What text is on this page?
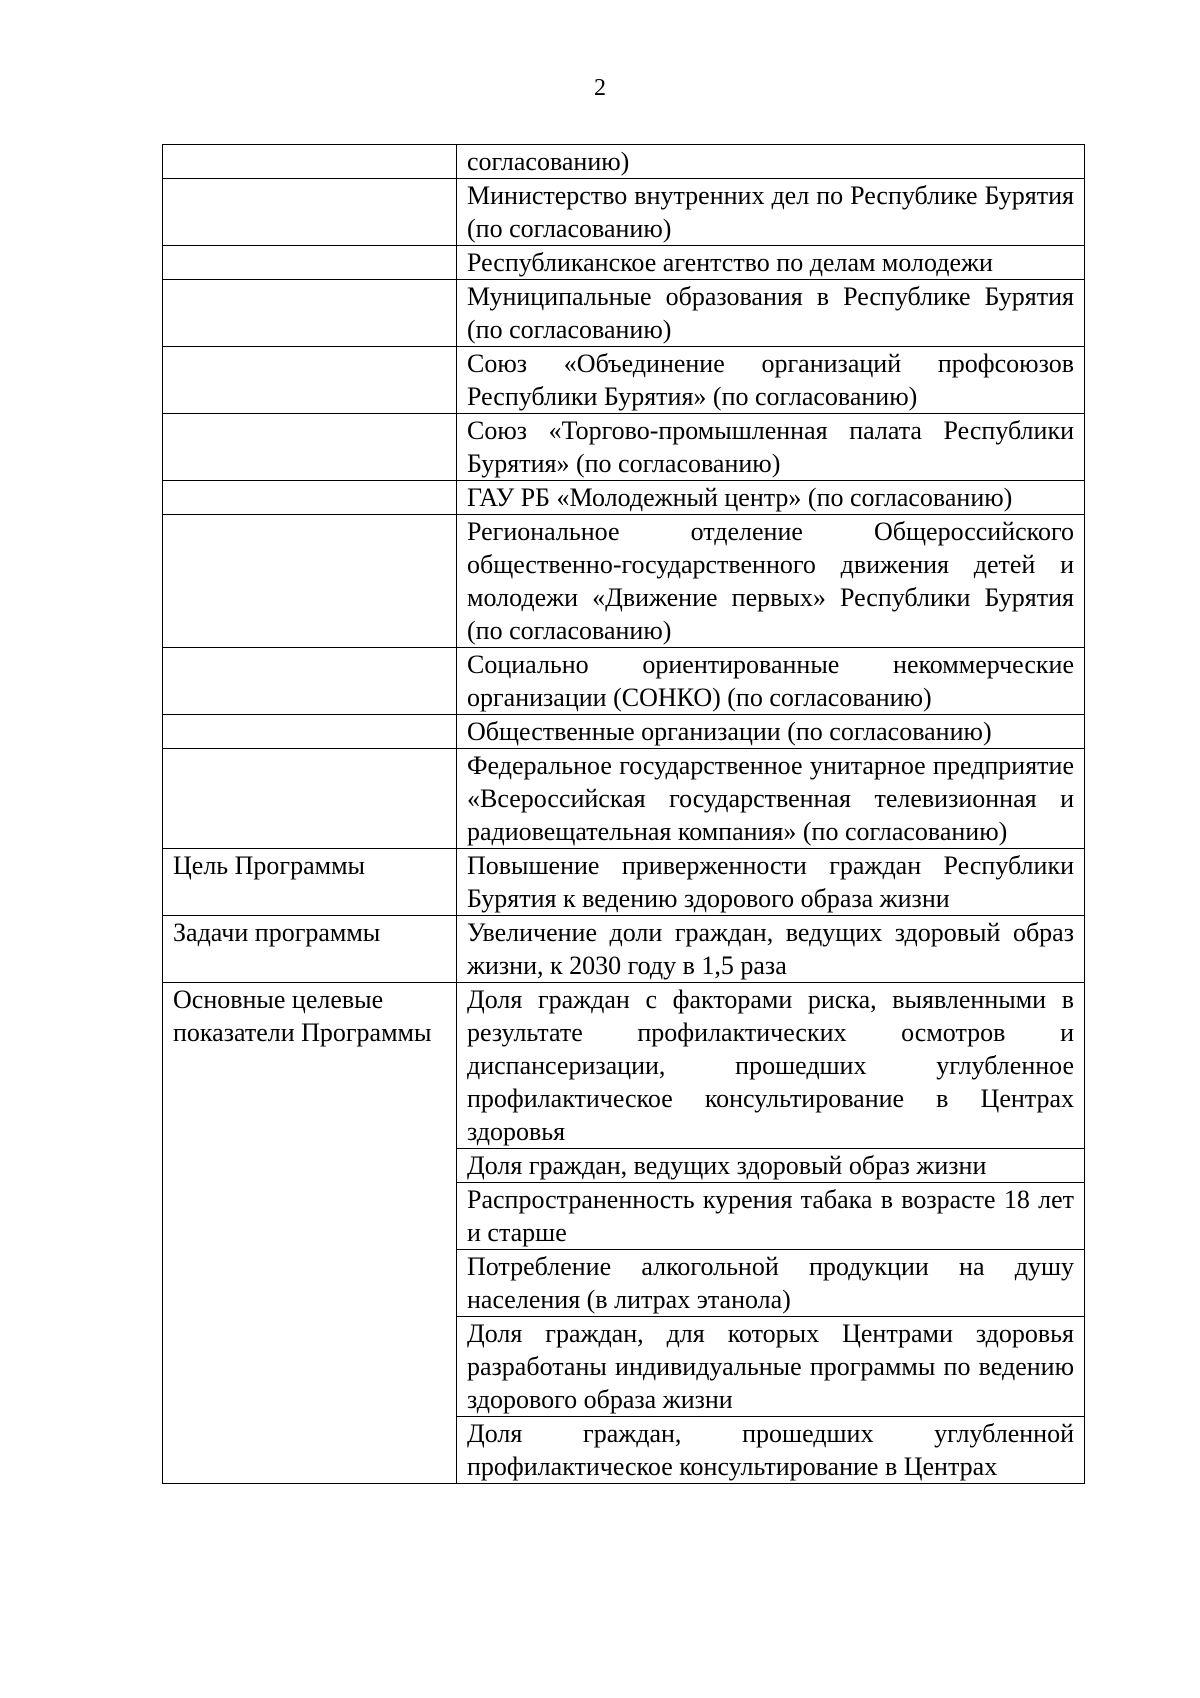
2
	согласованию)
	Министерство внутренних дел по Республике Бурятия (по согласованию)
	Республиканское агентство по делам молодежи
	Муниципальные образования в Республике Бурятия (по согласованию)
	Союз «Объединение организаций профсоюзов Республики Бурятия» (по согласованию)
	Союз «Торгово-промышленная палата Республики Бурятия» (по согласованию)
	ГАУ РБ «Молодежный центр» (по согласованию)
	Региональное отделение Общероссийского общественно-государственного движения детей и молодежи «Движение первых» Республики Бурятия (по согласованию)
	Социально ориентированные некоммерческие организации (СОНКО) (по согласованию)
	Общественные организации (по согласованию)
	Федеральное государственное унитарное предприятие «Всероссийская государственная телевизионная и радиовещательная компания» (по согласованию)
Цель Программы	Повышение приверженности граждан Республики Бурятия к ведению здорового образа жизни
Задачи программы	Увеличение доли граждан, ведущих здоровый образ жизни, к 2030 году в 1,5 раза
Основные целевые показатели Программы	Доля граждан с факторами риска, выявленными в результате профилактических осмотров и диспансеризации, прошедших углубленное профилактическое консультирование в Центрах здоровья
	Доля граждан, ведущих здоровый образ жизни
	Распространенность курения табака в возрасте 18 лет и старше
	Потребление алкогольной продукции на душу населения (в литрах этанола)
	Доля граждан, для которых Центрами здоровья разработаны индивидуальные программы по ведению здорового образа жизни
	Доля граждан, прошедших углубленной профилактическое консультирование в Центрах
